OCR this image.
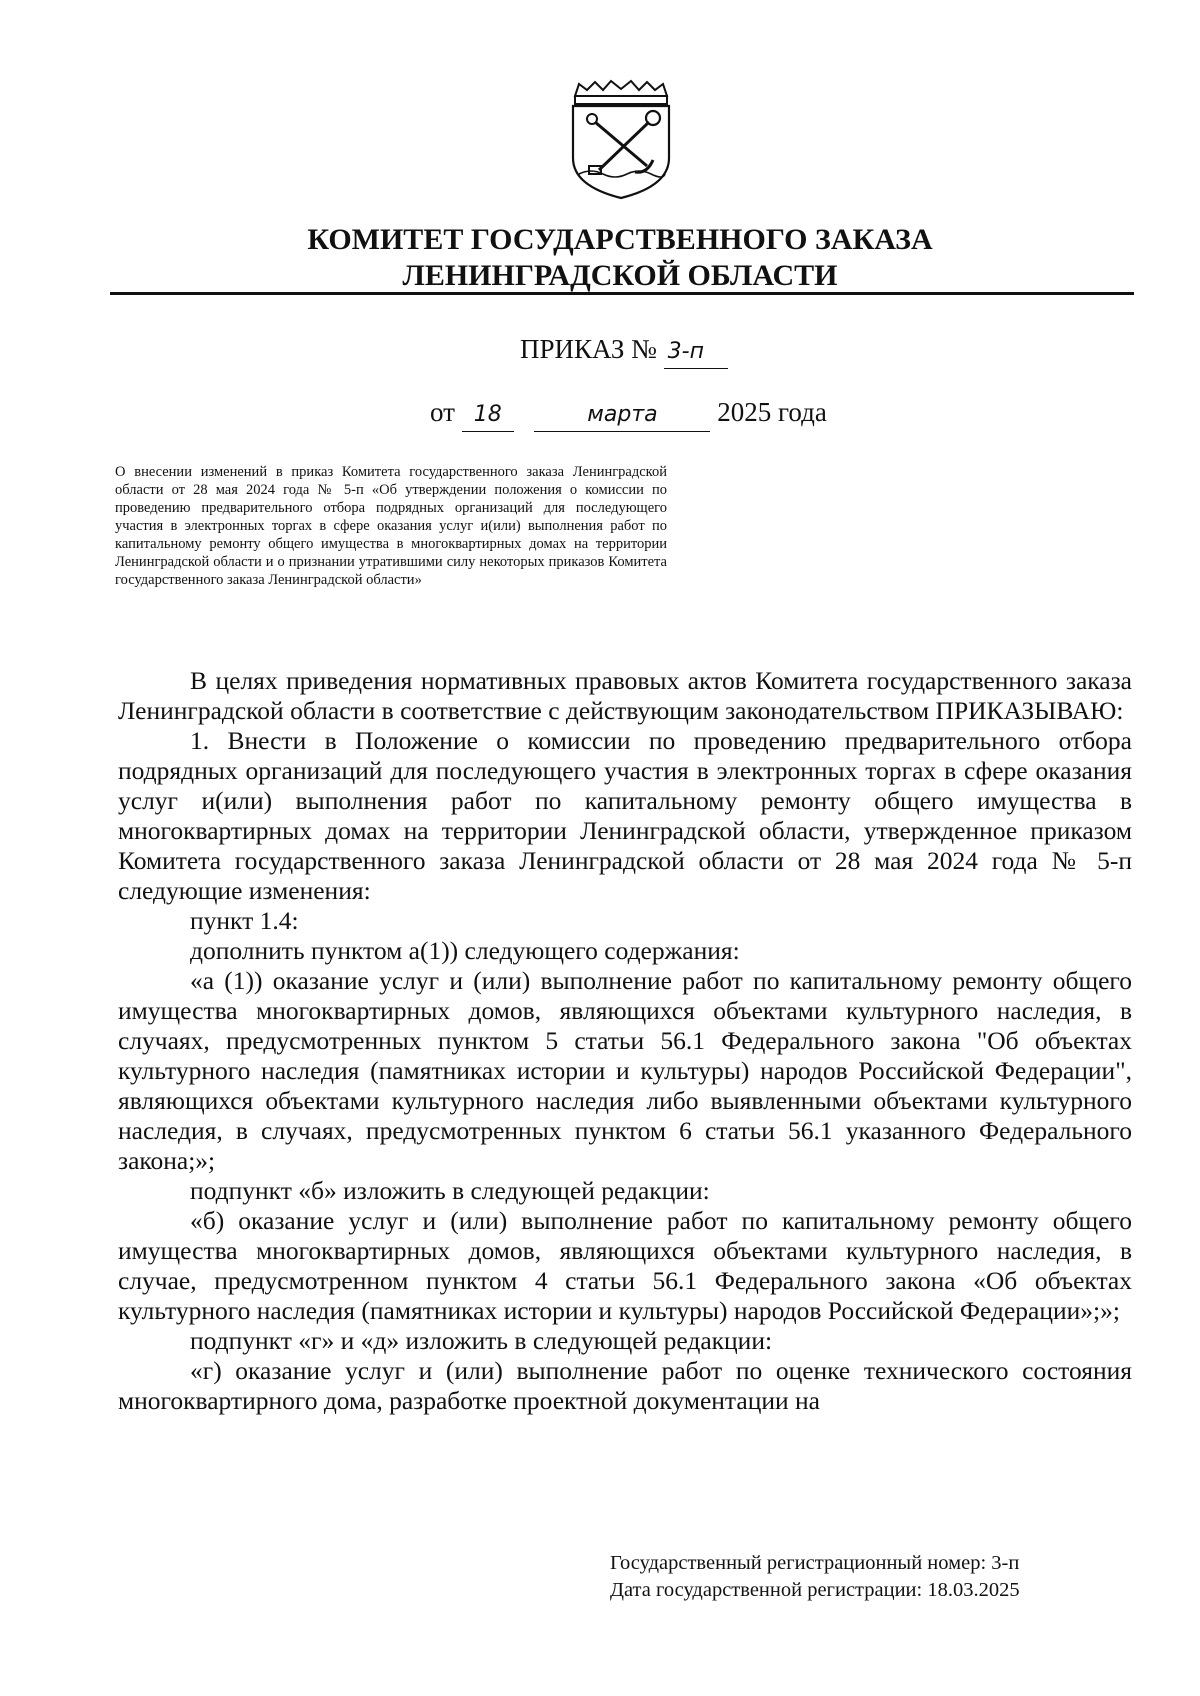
КОМИТЕТ ГОСУДАРСТВЕННОГО ЗАКАЗА
ЛЕНИНГРАДСКОЙ ОБЛАСТИ
ПРИКАЗ № 3-п
от 18	марта 2025 года
О внесении изменений в приказ Комитета государственного заказа Ленинградской области от 28 мая 2024 года № 5-п «Об утверждении положения о комиссии по проведению предварительного отбора подрядных организаций для последующего участия в электронных торгах в сфере оказания услуг и(или) выполнения работ по капитальному ремонту общего имущества в многоквартирных домах на территории Ленинградской области и о признании утратившими силу некоторых приказов Комитета государственного заказа Ленинградской области»

В целях приведения нормативных правовых актов Комитета государственного заказа Ленинградской области в соответствие с действующим законодательством ПРИКАЗЫВАЮ:

1. Внести в Положение о комиссии по проведению предварительного отбора подрядных организаций для последующего участия в электронных торгах в сфере оказания услуг и(или) выполнения работ по капитальному ремонту общего имущества в многоквартирных домах на территории Ленинградской области, утвержденное приказом Комитета государственного заказа Ленинградской области от 28 мая 2024 года № 5-п следующие изменения:

пункт 1.4:

дополнить пунктом а(1)) следующего содержания:

«а (1)) оказание услуг и (или) выполнение работ по капитальному ремонту общего имущества многоквартирных домов, являющихся объектами культурного наследия, в случаях, предусмотренных пунктом 5 статьи 56.1 Федерального закона "Об объектах культурного наследия (памятниках истории и культуры) народов Российской Федерации", являющихся объектами культурного наследия либо выявленными объектами культурного наследия, в случаях, предусмотренных пунктом 6 статьи 56.1 указанного Федерального закона;»;

подпункт «б» изложить в следующей редакции:

«б) оказание услуг и (или) выполнение работ по капитальному ремонту общего имущества многоквартирных домов, являющихся объектами культурного наследия, в случае, предусмотренном пунктом 4 статьи 56.1 Федерального закона «Об объектах культурного наследия (памятниках истории и культуры) народов Российской Федерации»;»;

подпункт «г» и «д» изложить в следующей редакции:

«г) оказание услуг и (или) выполнение работ по оценке технического состояния многоквартирного дома, разработке проектной документации на

Государственный регистрационный номер: 3-п
Дата государственной регистрации: 18.03.2025
